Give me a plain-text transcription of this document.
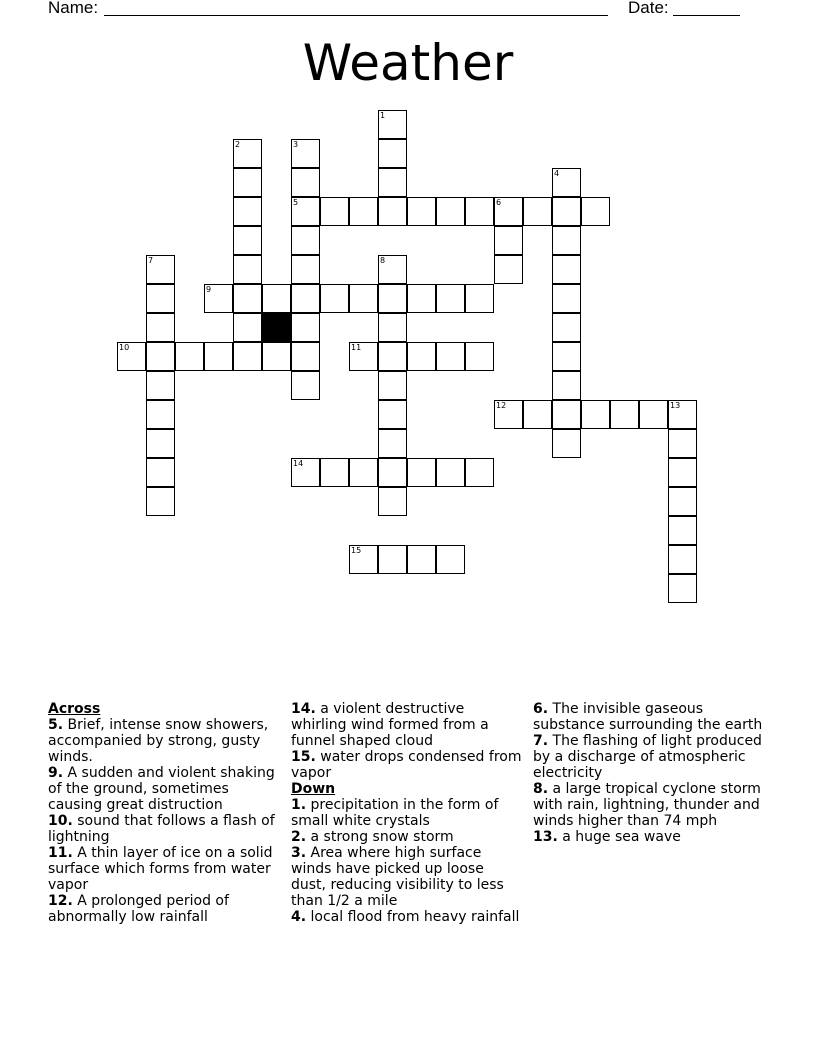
Name:	Date:
Weather
5	6
9
10	11
12	13
14
15
1
2	3
4
7	8
Across
5. Brief, intense snow showers, accompanied by strong, gusty winds.
9. A sudden and violent shaking of the ground, sometimes causing great distruction
10. sound that follows a flash of lightning
11. A thin layer of ice on a solid surface which forms from water vapor
12. A prolonged period of abnormally low rainfall
14. a violent destructive whirling wind formed from a funnel shaped cloud
15. water drops condensed from vapor
Down
1. precipitation in the form of small white crystals
2. a strong snow storm
3. Area where high surface winds have picked up loose dust, reducing visibility to less than 1/2 a mile
4. local flood from heavy rainfall
6. The invisible gaseous substance surrounding the earth
7. The flashing of light produced by a discharge of atmospheric electricity
8. a large tropical cyclone storm with rain, lightning, thunder and winds higher than 74 mph
13. a huge sea wave
